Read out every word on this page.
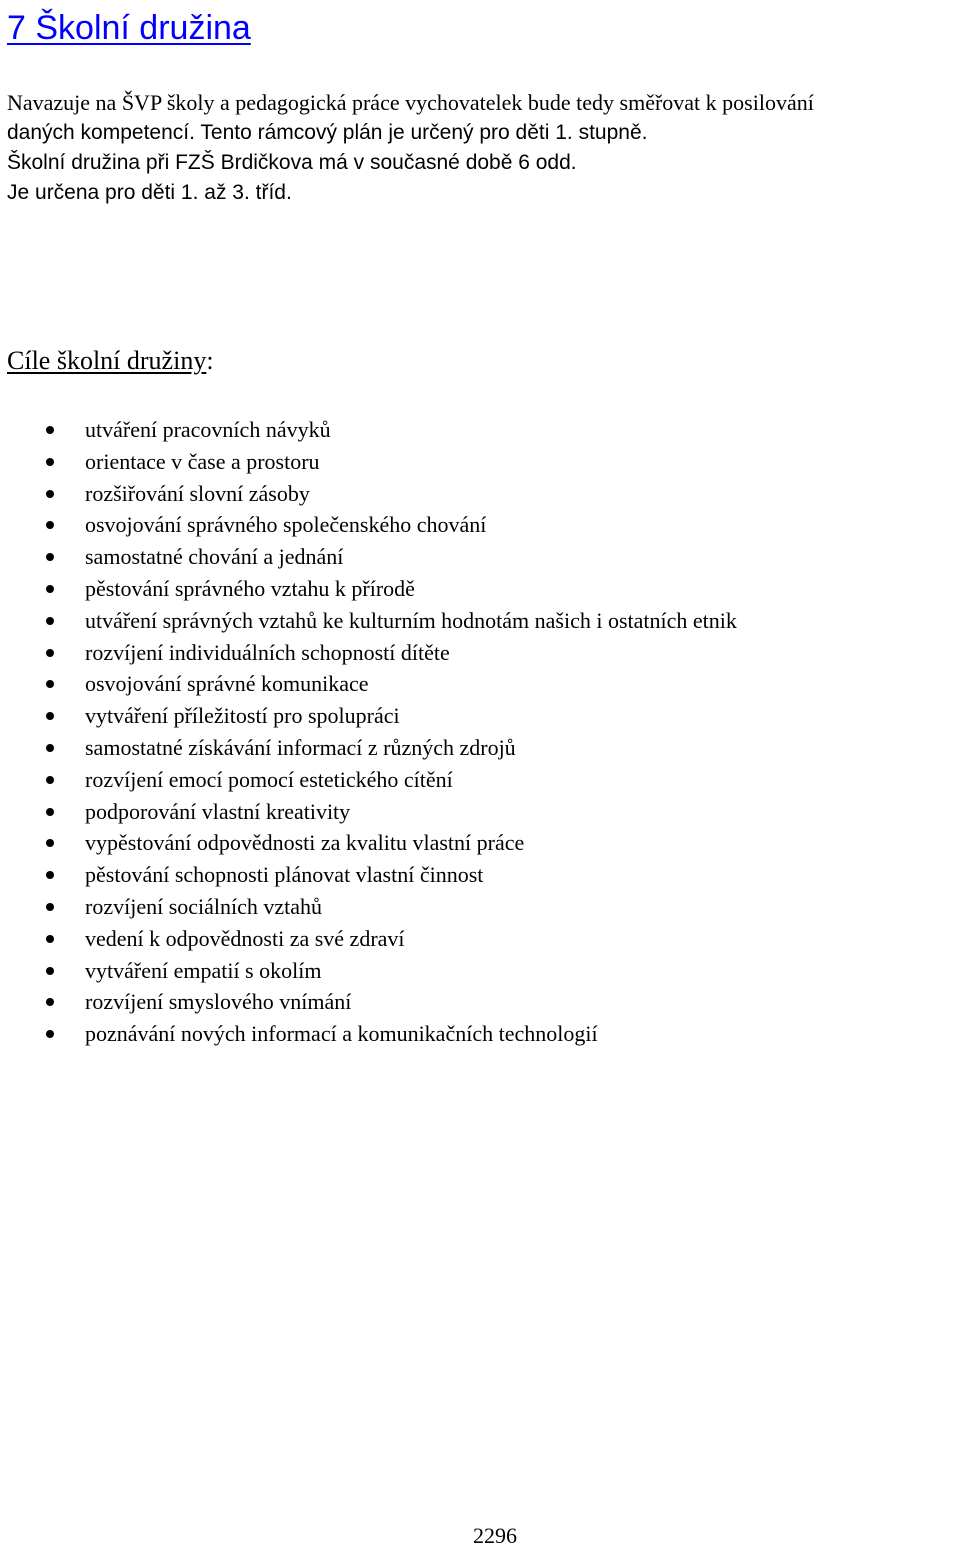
7 Školní družina
Navazuje na ŠVP školy a pedagogická práce vychovatelek bude tedy směřovat k posilování
daných kompetencí. Tento rámcový plán je určený pro děti 1. stupně.
Školní družina při FZŠ Brdičkova má v současné době 6 odd.
Je určena pro děti 1. až 3. tříd.
Cíle školní družiny:
utváření pracovních návyků
orientace v čase a prostoru
rozšiřování slovní zásoby
osvojování správného společenského chování
samostatné chování a jednání
pěstování správného vztahu k přírodě
utváření správných vztahů ke kulturním hodnotám našich i ostatních etnik
rozvíjení individuálních schopností dítěte
osvojování správné komunikace
vytváření příležitostí pro spolupráci
samostatné získávání informací z různých zdrojů
rozvíjení emocí pomocí estetického cítění
podporování vlastní kreativity
vypěstování odpovědnosti za kvalitu vlastní práce
pěstování schopnosti plánovat vlastní činnost
rozvíjení sociálních vztahů
vedení k odpovědnosti za své zdraví
vytváření empatií s okolím
rozvíjení smyslového vnímání
poznávání nových informací a komunikačních technologií
2296
